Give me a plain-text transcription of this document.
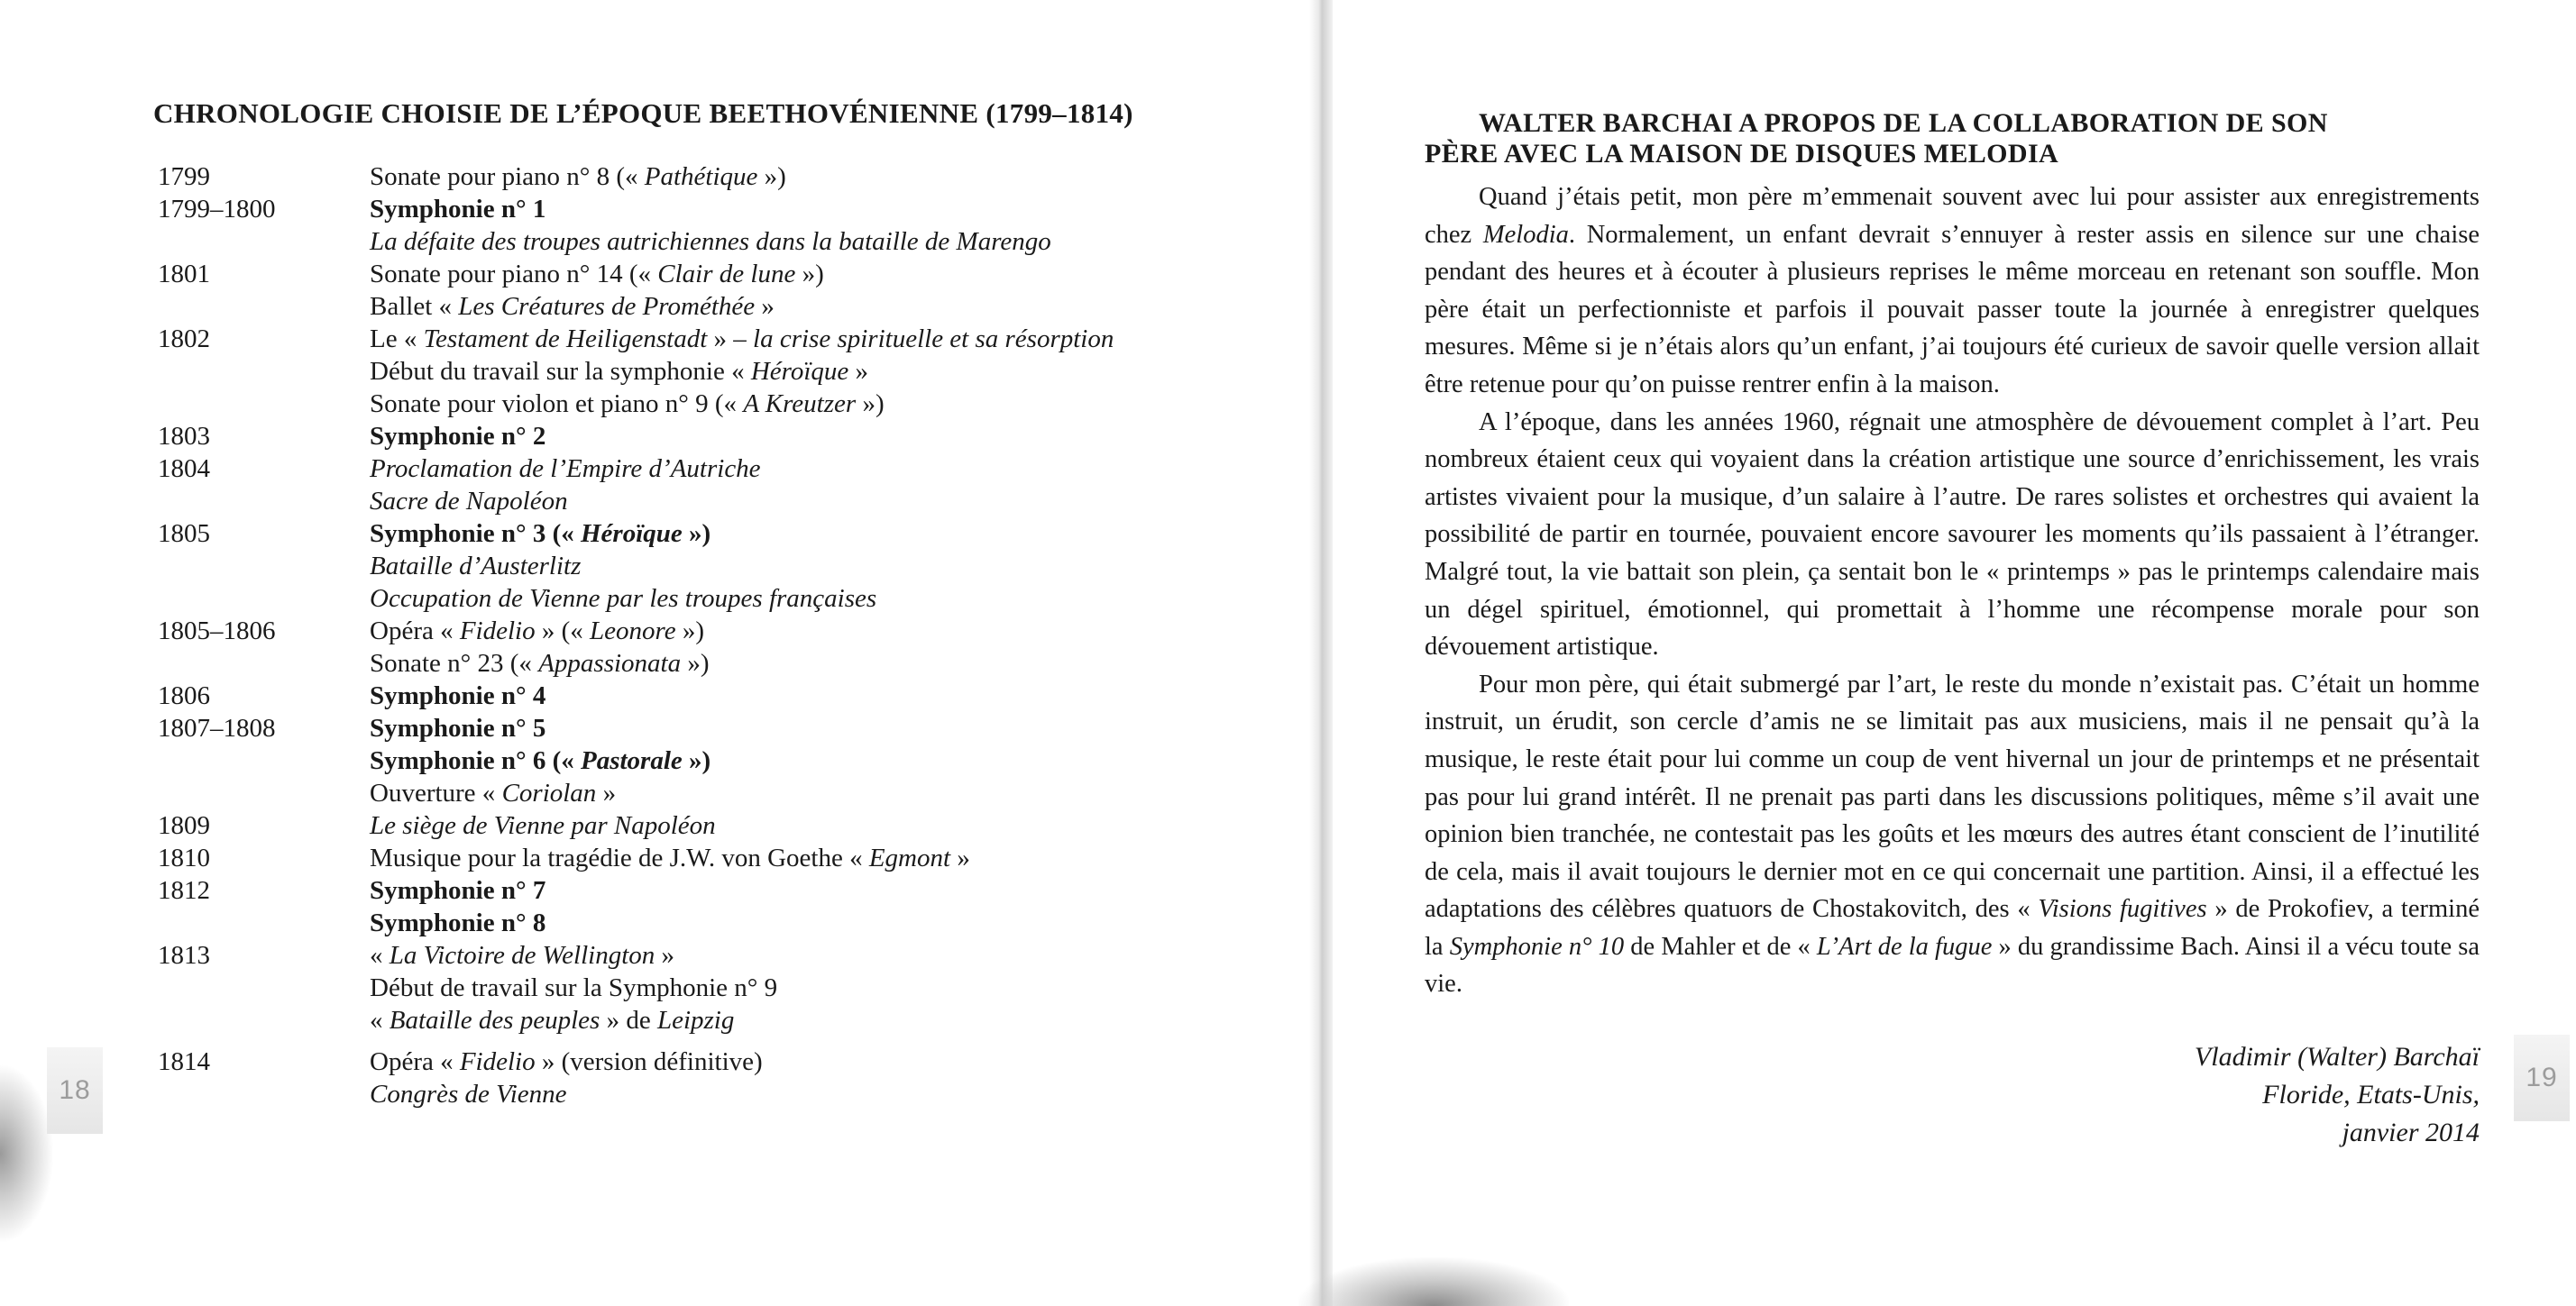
18	19
CHRONOLOGIE CHOISIE DE L’ÉPOQUE BEETHOVÉNIENNE (1799–1814)
1799	Sonate pour piano n° 8 (« Pathétique »)
1799–1800	Symphonie n° 1
La défaite des troupes autrichiennes dans la bataille de Marengo
1801	Sonate pour piano n° 14 (« Clair de lune »)
Ballet « Les Créatures de Prométhée »
1802	Le « Testament de Heiligenstadt » – la crise spirituelle et sa résorption
Début du travail sur la symphonie « Héroïque »
Sonate pour violon et piano n° 9 (« A Kreutzer »)
1803	Symphonie n° 2
1804	Proclamation de l’Empire d’Autriche
Sacre de Napoléon
1805	Symphonie n° 3 (« Héroïque »)
Bataille d’Austerlitz
Occupation de Vienne par les troupes françaises
1805–1806	Opéra « Fidelio » (« Leonore »)
Sonate n° 23 (« Appassionata »)
1806	Symphonie n° 4
1807–1808	Symphonie n° 5
Symphonie n° 6 (« Pastorale »)
Ouverture « Coriolan »
1809	Le siège de Vienne par Napoléon
1810	Musique pour la tragédie de J.W. von Goethe « Egmont »
1812	Symphonie n° 7
Symphonie n° 8
1813	« La Victoire de Wellington »
Début de travail sur la Symphonie n° 9
« Bataille des peuples » de Leipzig
1814	Opéra « Fidelio » (version définitive)
Congrès de Vienne
WALTER BARCHAI A PROPOS DE LA COLLABORATION DE SON
PÈRE AVEC LA MAISON DE DISQUES MELODIA

Quand j’étais petit, mon père m’emmenait souvent avec lui pour assister aux enregistrements chez Melodia. Normalement, un enfant devrait s’ennuyer à rester assis en silence sur une chaise pendant des heures et à écouter à plusieurs reprises le même morceau en retenant son souffle. Mon père était un perfectionniste et parfois il pouvait passer toute la journée à enregistrer quelques mesures. Même si je n’étais alors qu’un enfant, j’ai toujours été curieux de savoir quelle version allait être retenue pour qu’on puisse rentrer enfin à la maison.

A l’époque, dans les années 1960, régnait une atmosphère de dévouement complet à l’art. Peu nombreux étaient ceux qui voyaient dans la création artistique une source d’enrichissement, les vrais artistes vivaient pour la musique, d’un salaire à l’autre. De rares solistes et orchestres qui avaient la possibilité de partir en tournée, pouvaient encore savourer les moments qu’ils passaient à l’étranger. Malgré tout, la vie battait son plein, ça sentait bon le « printemps » pas le printemps calendaire mais un dégel spirituel, émotionnel, qui promettait à l’homme une récompense morale pour son dévouement artistique.

Pour mon père, qui était submergé par l’art, le reste du monde n’existait pas. C’était un homme instruit, un érudit, son cercle d’amis ne se limitait pas aux musiciens, mais il ne pensait qu’à la musique, le reste était pour lui comme un coup de vent hivernal un jour de printemps et ne présentait pas pour lui grand intérêt. Il ne prenait pas parti dans les discussions politiques, même s’il avait une opinion bien tranchée, ne contestait pas les goûts et les mœurs des autres étant conscient de l’inutilité de cela, mais il avait toujours le dernier mot en ce qui concernait une partition. Ainsi, il a effectué les adaptations des célèbres quatuors de Chostakovitch, des « Visions fugitives » de Prokofiev, a terminé la Symphonie n° 10 de Mahler et de « L’Art de la fugue » du grandissime Bach. Ainsi il a vécu toute sa vie.

Vladimir (Walter) Barchaï
Floride, Etats-Unis,
janvier 2014
